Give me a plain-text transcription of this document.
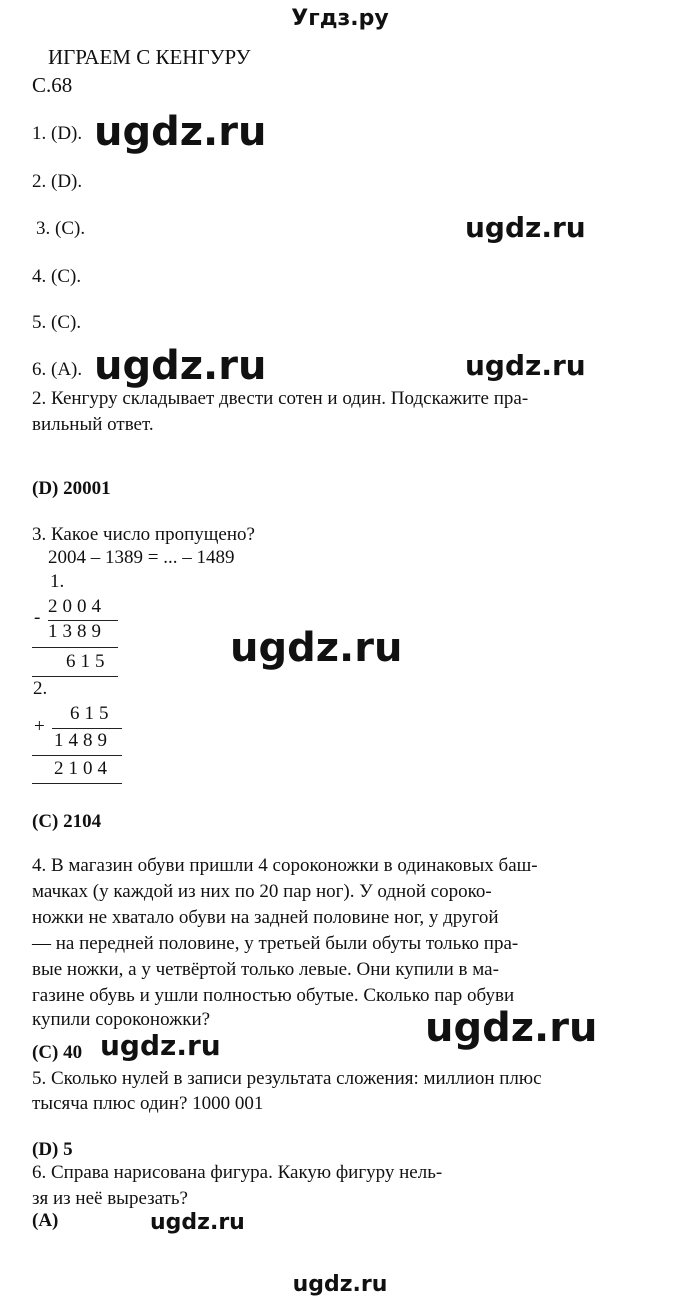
Угдз.ру
ИГРАЕМ С КЕНГУРУ
С.68
1. (D).
2. (D).
3. (C).
4. (C).
5. (C).
6. (A).
ugdz.ru
ugdz.ru
ugdz.ru	ugdz.ru
2. Кенгуру складывает двести сотен и один. Подскажите пра-
вильный ответ.
(D) 20001
3. Какое число пропущено?
2004 – 1389 = ... – 1489
1.
-
2004
1389
615
2.
+
615
1489
2104
ugdz.ru
(C) 2104
4. В магазин обуви пришли 4 сороконожки в одинаковых баш-
мачках (у каждой из них по 20 пар ног). У одной сороко-
ножки не хватало обуви на задней половине ног, у другой
— на передней половине, у третьей были обуты только пра-
вые ножки, а у четвёртой только левые. Они купили в ма-
газине обувь и ушли полностью обутые. Сколько пар обуви
купили сороконожки?
ugdz.ru	ugdz.ru
(C) 40
5. Сколько нулей в записи результата сложения: миллион плюс
тысяча плюс один? 1000 001
(D) 5
6. Справа нарисована фигура. Какую фигуру нель-
зя из неё вырезать?
(A)	ugdz.ru
ugdz.ru
